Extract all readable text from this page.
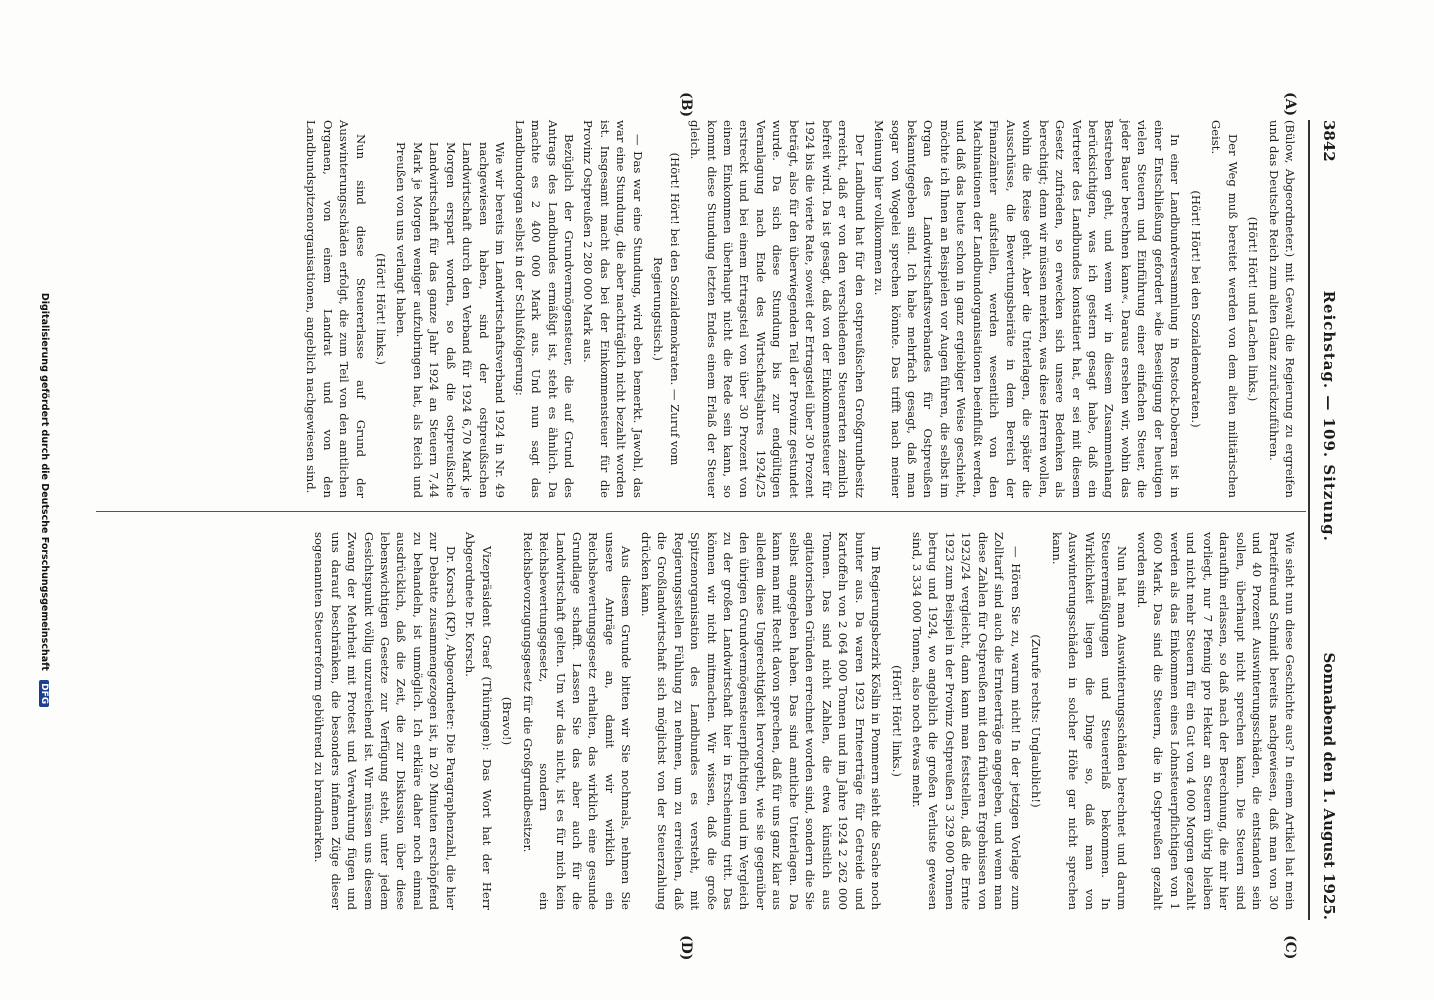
3842
Reichstag. — 109. Sitzung.
Sonnabend den 1. August 1925.
(A)
(B)
(C)
(D)

(Bülow, Abgeordneter.) mit Gewalt die Regierung zu ergreifen und das Deutsche Reich zum alten Glanz zurückzuführen.

(Hört! Hört! und Lachen links.)

Der Weg muß bereitet werden von dem alten militärischen Geist.

(Hört! Hört! bei den Sozialdemokraten.)

In einer Landbundversammlung in Rostock-Doberan ist in einer Entschließung gefordert »die Beseitigung der heutigen vielen Steuern und Einführung einer einfachen Steuer, die jeder Bauer berechnen kann«. Daraus ersehen wir, wohin das Bestreben geht, und wenn wir in diesem Zusammenhang berücksichtigen, was ich gestern gesagt habe, daß ein Vertreter des Landbundes konstatiert hat, er sei mit diesem Gesetz zufrieden, so erwecken sich unsere Bedenken als berechtigt; denn wir müssen merken, was diese Herren wollen, wohin die Reise geht. Aber die Unterlagen, die später die Ausschüsse, die Bewertungsbeiräte in dem Bereich der Finanzämter aufstellen, werden wesentlich von den Machinationen der Landbundorganisationen beeinflußt werden, und daß das heute schon in ganz ergiebiger Weise geschieht, möchte ich Ihnen an Beispielen vor Augen führen, die selbst im Organ des Landwirtschaftsverbandes für Ostpreußen bekanntgegeben sind. Ich habe mehrfach gesagt, daß man sogar von Wogelei sprechen könnte. Das trifft nach meiner Meinung hier vollkommen zu.

Der Landbund hat für den ostpreußischen Großgrundbesitz erreicht, daß er von den verschiedenen Steuerarten ziemlich befreit wird. Da ist gesagt, daß von der Einkommensteuer für 1924 bis die vierte Rate, soweit der Ertragsteil über 30 Prozent beträgt, also für den überwiegenden Teil der Provinz gestundet wurde. Da sich diese Stundung bis zur endgültigen Veranlagung nach Ende des Wirtschaftsjahres 1924/25 erstreckt und bei einem Ertragsteil von über 30 Prozent von einem Einkommen überhaupt nicht die Rede sein kann, so kommt diese Stundung letzten Endes einem Erlaß der Steuer gleich.

(Hört! Hört! bei den Sozialdemokraten. — Zuruf vom Regierungstisch.)

— Das war eine Stundung, wird eben bemerkt. Jawohl, das war eine Stundung, die aber nachträglich nicht bezahlt worden ist. Insgesamt macht das bei der Einkommensteuer für die Provinz Ostpreußen 2 280 000 Mark aus.

Bezüglich der Grundvermögensteuer, die auf Grund des Antrags des Landbundes ermäßigt ist, steht es ähnlich. Da machte es 2 400 000 Mark aus. Und nun sagt das Landbundorgan selbst in der Schlußfolgerung:

Wie wir bereits im Landwirtschaftsverband 1924 in Nr. 49 nachgewiesen haben, sind der ostpreußischen Landwirtschaft durch den Verband für 1924 6,70 Mark je Morgen erspart worden, so daß die ostpreußische Landwirtschaft für das ganze Jahr 1924 an Steuern 7,44 Mark je Morgen weniger aufzubringen hat, als Reich und Preußen von uns verlangt haben.

(Hört! Hört! links.)

Nun sind diese Steuererlasse auf Grund der Auswinterungsschäden erfolgt, die zum Teil von den amtlichen Organen, von einem Landrat und von den Landbundspitzenorganisationen, angeblich nachgewiesen sind.

Wie sieht nun diese Geschichte aus? In einem Artikel hat mein Parteifreund Schmidt bereits nachgewiesen, daß man von 30 und 40 Prozent Auswinterungsschäden, die entstanden sein sollen, überhaupt nicht sprechen kann. Die Steuern sind daraufhin erlassen, so daß nach der Berechnung, die mir hier vorliegt, nur 7 Pfennig pro Hektar an Steuern übrig bleiben und nicht mehr Steuern für ein Gut von 4 000 Morgen gezahlt werden als das Einkommen eines Lohnsteuerpflichtigen von 1 600 Mark. Das sind die Steuern, die in Ostpreußen gezahlt worden sind.

Nun hat man Auswinterungsschäden berechnet und darum Steuerermäßigungen und Steuererlaß bekommen. In Wirklichkeit liegen die Dinge so, daß man von Auswinterungsschäden in solcher Höhe gar nicht sprechen kann.

(Zurufe rechts: Unglaublich!)

— Hören Sie zu, warum nicht! In der jetzigen Vorlage zum Zolltarif sind auch die Ernteerträge angegeben, und wenn man diese Zahlen für Ostpreußen mit den früheren Ergebnissen von 1923/24 vergleicht, dann kann man feststellen, daß die Ernte 1923 zum Beispiel in der Provinz Ostpreußen 3 329 000 Tonnen betrug und 1924, wo angeblich die großen Verluste gewesen sind, 3 334 000 Tonnen, also noch etwas mehr.

(Hört! Hört! links.)

Im Regierungsbezirk Köslin in Pommern sieht die Sache noch bunter aus. Da waren 1923 Ernteerträge für Getreide und Kartoffeln von 2 064 000 Tonnen und im Jahre 1924 2 262 000 Tonnen. Das sind nicht Zahlen, die etwa künstlich aus agitatorischen Gründen errechnet worden sind, sondern die Sie selbst angegeben haben. Das sind amtliche Unterlagen. Da kann man mit Recht davon sprechen, daß für uns ganz klar aus alledem diese Ungerechtigkeit hervorgeht, wie sie gegenüber den übrigen Grundvermögensteuerpflichtigen und im Vergleich zu der großen Landwirtschaft hier in Erscheinung tritt. Das können wir nicht mitmachen. Wir wissen, daß die große Spitzenorganisation des Landbundes es versteht, mit Regierungsstellen Fühlung zu nehmen, um zu erreichen, daß die Großlandwirtschaft sich möglichst von der Steuerzahlung drücken kann.

Aus diesem Grunde bitten wir Sie nochmals, nehmen Sie unsere Anträge an, damit wir wirklich ein Reichsbewertungsgesetz erhalten, das wirklich eine gesunde Grundlage schafft. Lassen Sie das aber auch für die Landwirtschaft gelten. Um wir das nicht, ist es für mich kein Reichsbewertungsgesetz, sondern ein Reichsbevorzugungsgesetz für die Großgrundbesitzer.

(Bravo!)

Vizepräsident Graef (Thüringen): Das Wort hat der Herr Abgeordnete Dr. Korsch.

Dr. Korsch (KP), Abgeordneter: Die Paragraphenzahl, die hier zur Debatte zusammengezogen ist, in 20 Minuten erschöpfend zu behandeln, ist unmöglich. Ich erkläre daher noch einmal ausdrücklich, daß die Zeit, die zur Diskussion über diese lebenswichtigen Gesetze zur Verfügung steht, unter jedem Gesichtspunkt völlig unzureichend ist. Wir müssen uns diesem Zwang der Mehrheit mit Protest und Verwahrung fügen und uns darauf beschränken, die besonders infamen Züge dieser sogenannten Steuerreform gebührend zu brandmarken.

Digitalisierung gefördert durch die Deutsche Forschungsgemeinschaft DFG
